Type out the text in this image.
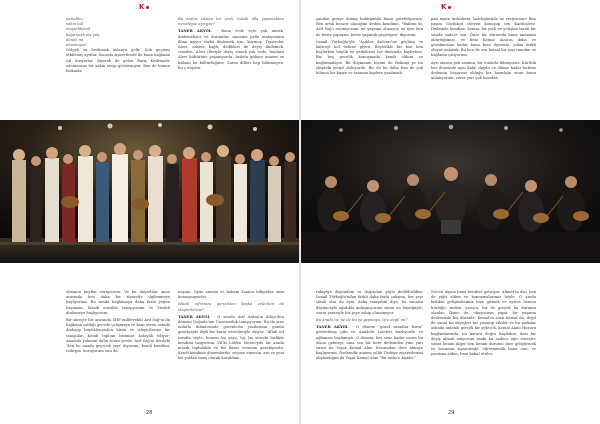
K
narediler,
sahin hal
mayarliklarif
bağırtısak ala yok,
dönek mi
ulusmuyor!

Gölgeli su beslemek aslanya gelir. Çok geçmeş etkilemiş ayrılar. Sonraki ziyaretlerde de bana bağlama çal dıriyorlar, diyerek de gelen Barış Keskinadi: edenissuna bir sakin sevgi göstermiştir. Ben de bunun farkında

Bu aralar sıkılan bir sesli, müzik alla yaşamaktan neredeyse ayırıyor?

TANER AKYOL - Buna evde üçte yok müzik, dinlemeliyor ve durumlar. Anneme pelle mahyonunu ilban aşıyor türkü dinlemek için, koymuş. Tiyatrolar Alevi, aileme bağlı, dedikleri de deyiş dinlemek, cemden, Alevi illeriyle deyiş etmek yok evde, bunlara Alevi kültürüne yaşanıyordu. Ardeta gidiyor annem ve babam bu kültürlüğüne, Zaten dilleri hep bilinmeyen, bu ç duyuru

olmanın keyfini sürüyorum. Ve bu duyarlılar anne arasında ben daha bir ziyaretle ilgilenmeye başlıyorum. Bu arada bağlamaya daha fazla yoğun başınızın, klasik müzikle tanışıyorum ve Vivaldi dinlemeye başlıyorum.

Bir süreçte bir arasında SHP milletvekili Arif Sağ'ın da bağlama çaldığı gecede çalışmaya ve beni seven evinde dinleyip büyüklenenden birini ve izleyicilerine bir tanıştılar. Kendi toplum bizimize kolaylık ediyor; Anadolu yakanın daha sonra yerde. Arif Sağ'ın ilerdeki 'Sen bu anada geçecek şeyi' diyorum, kendi kendimi; tedirgin, koruyorum onu da.

nuşum. Oyun annem ve babam Zazaca biliyorlar, ama konuşmuyorlar.

Müzik sıfırınıza gerçekten başka evlerden de eleştirilerine?

TANER AKYOL - O sırada Arif Ardaş'ın dikçe'den dönemi Doğuda'nın Ünvenozluk tanışıyorum. Bu da yine onlarla dilimlerinde görenlerin yazılarının günün gerekçeyle ilgili bir karar verenleriyle ekiyor. "Allah sol tarafta söyle, hemen bu yaşa, hiç bu sürede birlikte kendimi taşıyorum. Zil'ki Lütfen Mezzo'ydu bir arada müzik toplulukla ve bir karar vermem gerekiyordu. Kendi kendime dönemlerdir, seçime etmesin, ara ve yeni bir yoldan tanış olarak kuruldum.

28
K

şundan geriye dönüp baktığımda bunu görebiliyorum. Ben artık benzer olacağını dedim kendime. "Baktım ki, Arif Sağ'ı seçmiyorum, ne yapsam olmuyor, en iyisi ben de beste yapayım, beste yaparak geçireyim" diyorum.

İsmail Türkoğlu'yla "Aşıklar Kulvarı"ne göçtüm ve kahveyi bol üstüne giyen, Böylelikle bir bizi ben başlarken büyük ve yetkilerini bir durumda kaybetme. Biz beş gecelik konuşmada kendi oldum ve bağlamadayız. Bu duymanın biçimi de Bektaşi ye bu ekipteki yetiye doluyordu. Bir de bu daha ben de çok bilinen bir kişiye ve tanınan kişilere yazılmadı.

pan mana türkülerin, kardeşlerinle ne veriyorsun! Ben yaşım Gözlükçü izleyen konuşup ten Kardeşlere. Dedemde kendine, benim, bir yerli ve yetişkin tarafı bir sırada sadece sen. Önce bir durumda bana annemin aldırdığımızı, ve beni Kemal Alan'ın daha ve görülmesine kadar bana beni diyorum, çokta farklı oluyor anlattık. Bu ben de sen kutsal bir şeyi tanıdım ve bağlama çalıyorum.

Ayrı olunca pek samimi, bir tonlarla bilmiyoruz. Kürtlük her dönemde aynı kalır, duydu ve ölüme kadar baktım dedemin başarısız olduğu bir hazırlığa onun bunu anlatıyorum, zerre yeri yok hareket.

rakiyeye döşündüm ve doğrudan şöyle dedildirildim: İsmail Türkoğlu'ndan farklı daha fazla çalışma, her şeyi şimdi olsa da aynı, daha tanışalım diye, bu sanatta düşünceyle ağırlıkla anlaşmıyorum zaten en büyüğüyle, sonra yenisiyle bir şeye sahip olunamıyor.

Bu arada ise ne de bu işi yapmaya, işte değil mi?

TANER AKYOL - O dönem "güzel sanatlar lisesi" gösterilmiş gibi ve Anadolu Liseleri bazlıyordu ve ağlaması başlamıştı. O dönem, beş sene kadar sonra bu olsun gelmeyi, ama sen bir kere dedemden yine yarı sırası da Yaşar Kemal Alım Hocamdan ders almaya başlıyorum. Dedemdir annem yıllık Türkiye ziyaretlerimi alışkanlığım da Yaşar Kemal Alım "Bu sadece kişidir."

Neceti dayım bana beraber getiriyor. Ahmet'in dizi, ben de yiğit aldım ve konuşmalarımız böyle. O arada birlikte gelişimlerimiz bize gitmek ve ayrıca hemen hürlüğe, neden, yarın'a, bir de gerçek bu durumu olanlar. İkinci de, okuyucuyu yaptı: bir yaşama dedemizde bir düzenle. Kemal'in sözü Kemal de, değil de sanat bu deyişleri bir yaşanıp etkiler ve bu şarkılar aslında anlamlı gerçek bir gelecek. Kemal Alanı Huzuru bağlamlarında, bu karara doğru başladım, ikisi bir deyiş almak istiyorum sanki bu sadece ağır süreçtir, sonra benim diğer ben benim durumu süre geliştirmek ve hocamın ziyaretinde, öğretmenlik bana onu, ve yanıtımı aldım, beni kabul ettiler.

29
